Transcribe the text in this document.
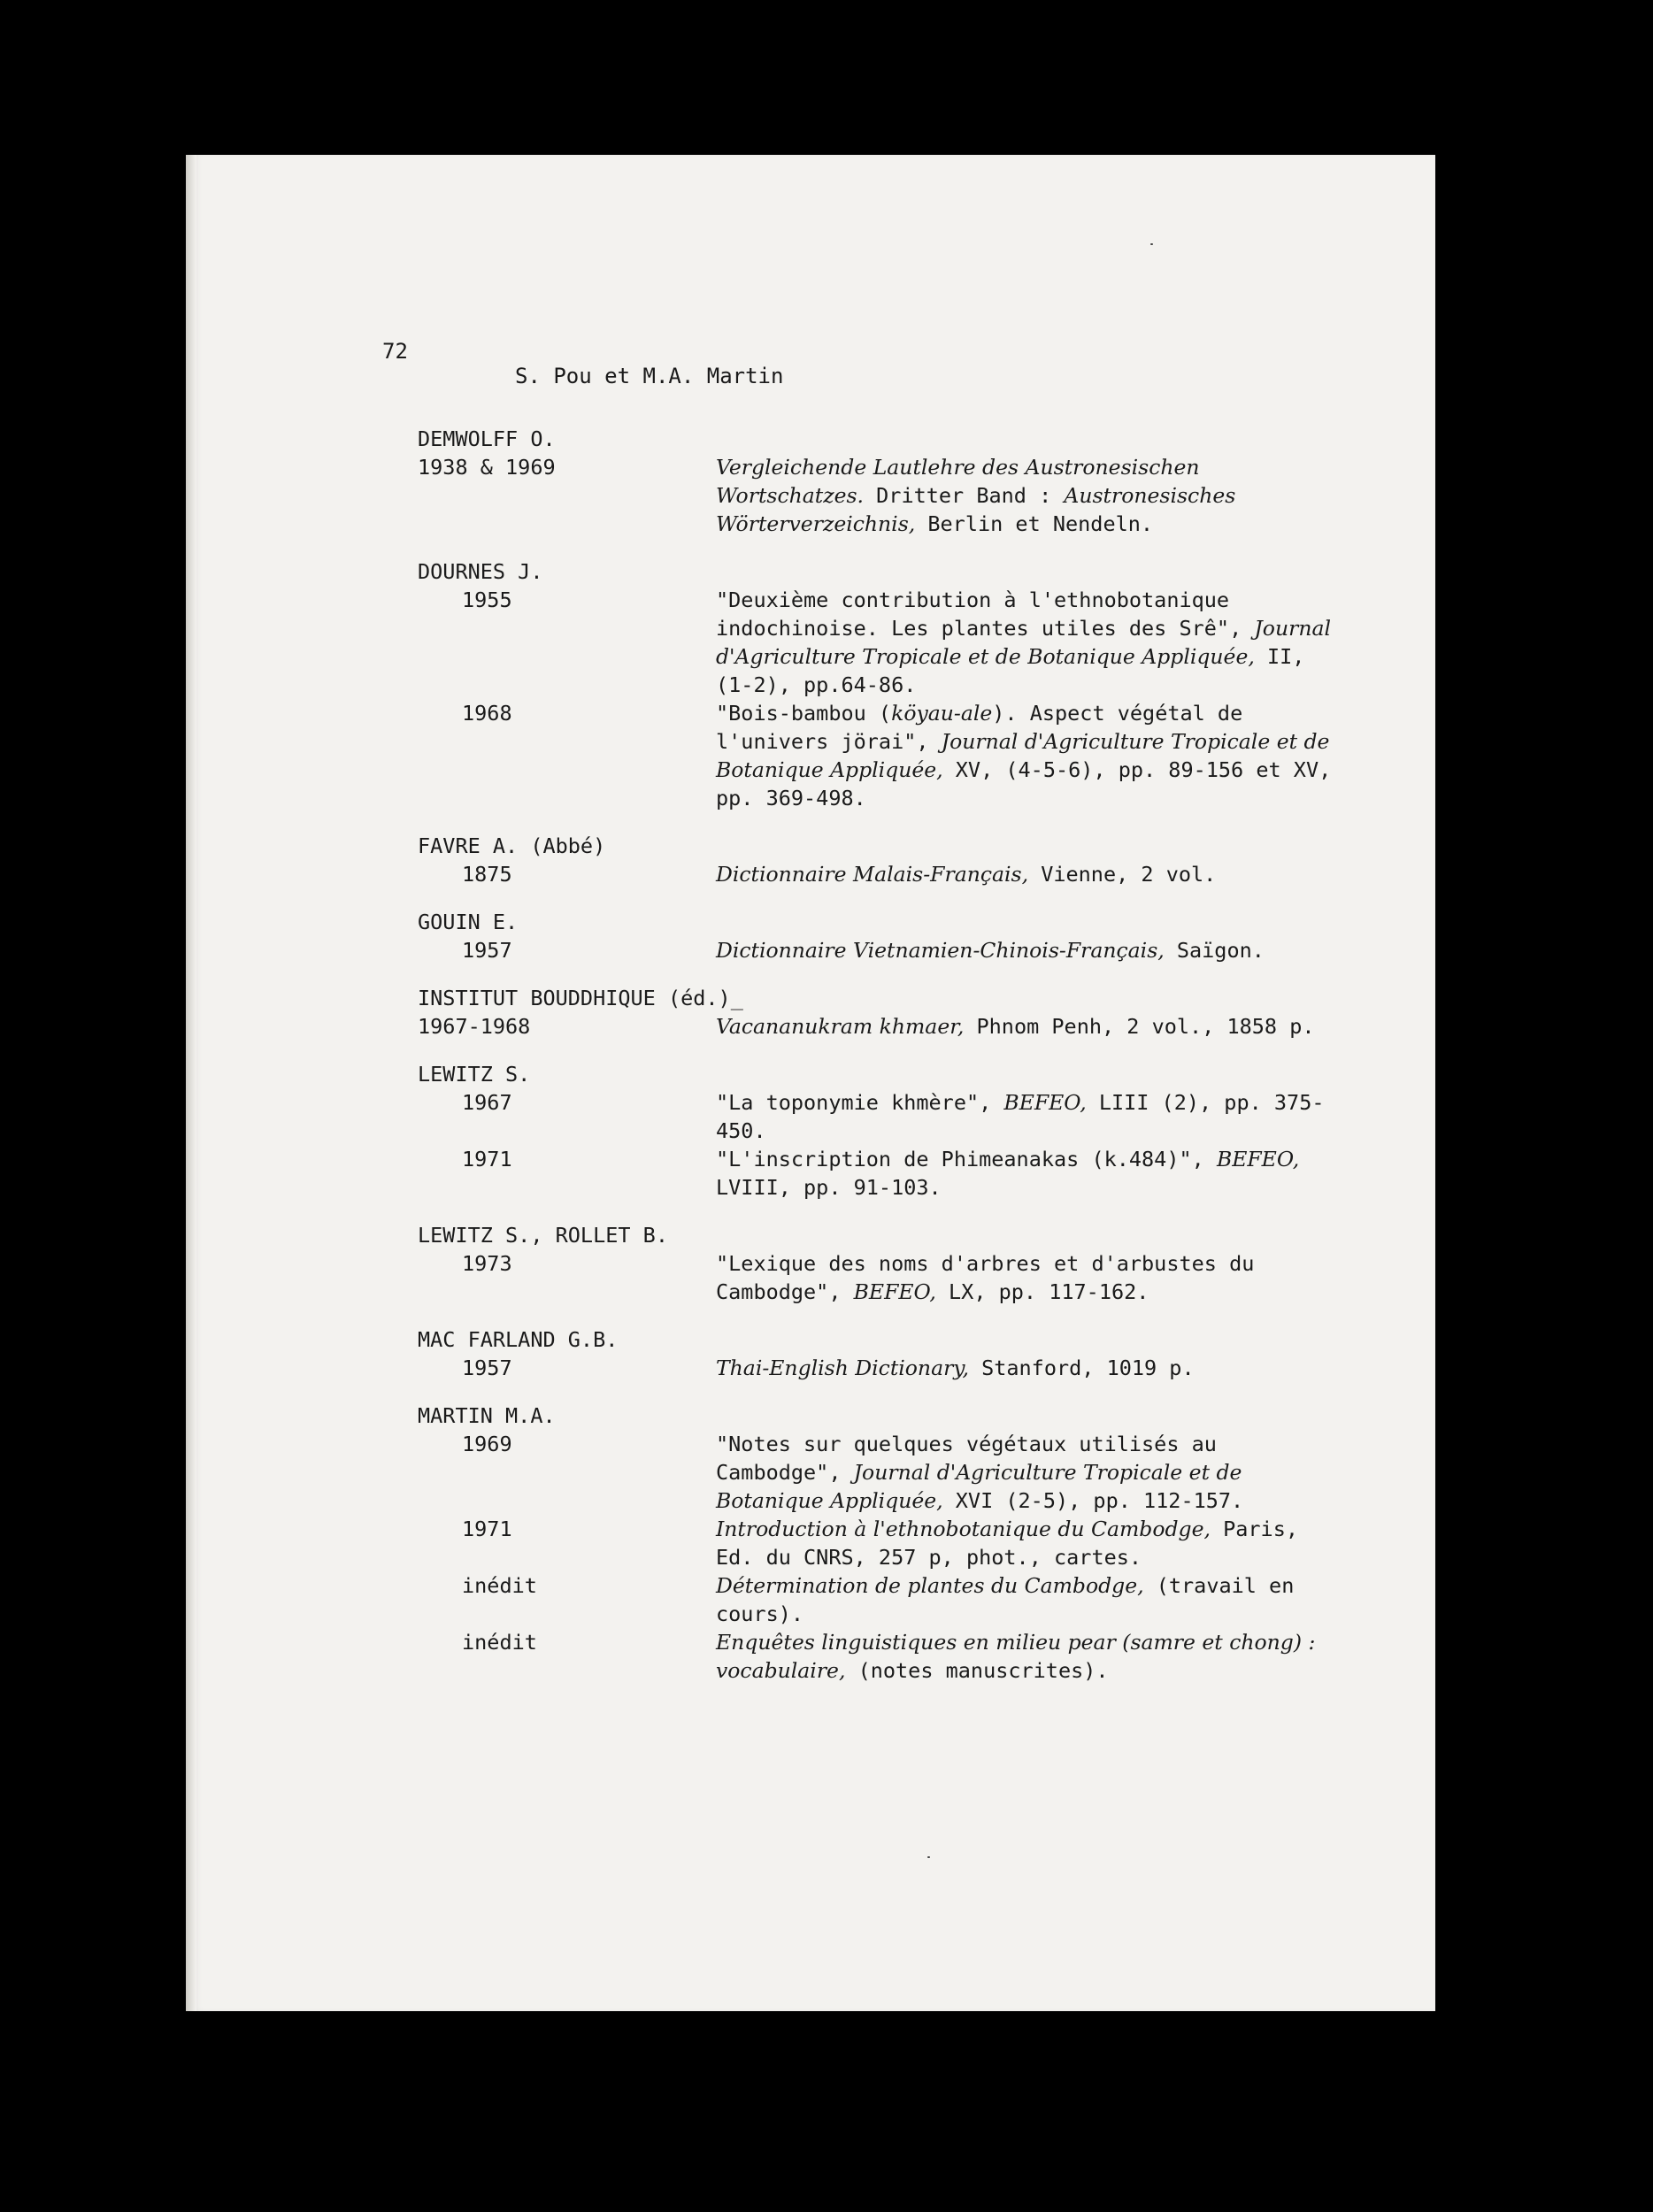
72

S. Pou et M.A. Martin

DEMWOLFF O.
1938 & 1969	Vergleichende Lautlehre des Austronesischen Wortschatzes. Dritter Band : Austronesisches Wörterverzeichnis, Berlin et Nendeln.
DOURNES J.
1955	"Deuxième contribution à l'ethnobotanique indochinoise. Les plantes utiles des Srê", Journal d'Agriculture Tropicale et de Botanique Appliquée, II, (1-2), pp.64-86.
1968	"Bois-bambou (köyau-ale). Aspect végétal de l'univers jörai", Journal d'Agriculture Tropicale et de Botanique Appliquée, XV, (4-5-6), pp. 89-156 et XV, pp. 369-498.
FAVRE A. (Abbé)
1875	Dictionnaire Malais-Français, Vienne, 2 vol.
GOUIN E.
1957	Dictionnaire Vietnamien-Chinois-Français, Saïgon.
INSTITUT BOUDDHIQUE (éd.)_
1967-1968	Vacananukram khmaer, Phnom Penh, 2 vol., 1858 p.
LEWITZ S.
1967	"La toponymie khmère", BEFEO, LIII (2), pp. 375-450.
1971	"L'inscription de Phimeanakas (k.484)", BEFEO, LVIII, pp. 91-103.
LEWITZ S., ROLLET B.
1973	"Lexique des noms d'arbres et d'arbustes du Cambodge", BEFEO, LX, pp. 117-162.
MAC FARLAND G.B.
1957	Thai-English Dictionary, Stanford, 1019 p.
MARTIN M.A.
1969	"Notes sur quelques végétaux utilisés au Cambodge", Journal d'Agriculture Tropicale et de Botanique Appliquée, XVI (2-5), pp. 112-157.
1971	Introduction à l'ethnobotanique du Cambodge, Paris, Ed. du CNRS, 257 p, phot., cartes.
inédit	Détermination de plantes du Cambodge, (travail en cours).
inédit	Enquêtes linguistiques en milieu pear (samre et chong) : vocabulaire, (notes manuscrites).
